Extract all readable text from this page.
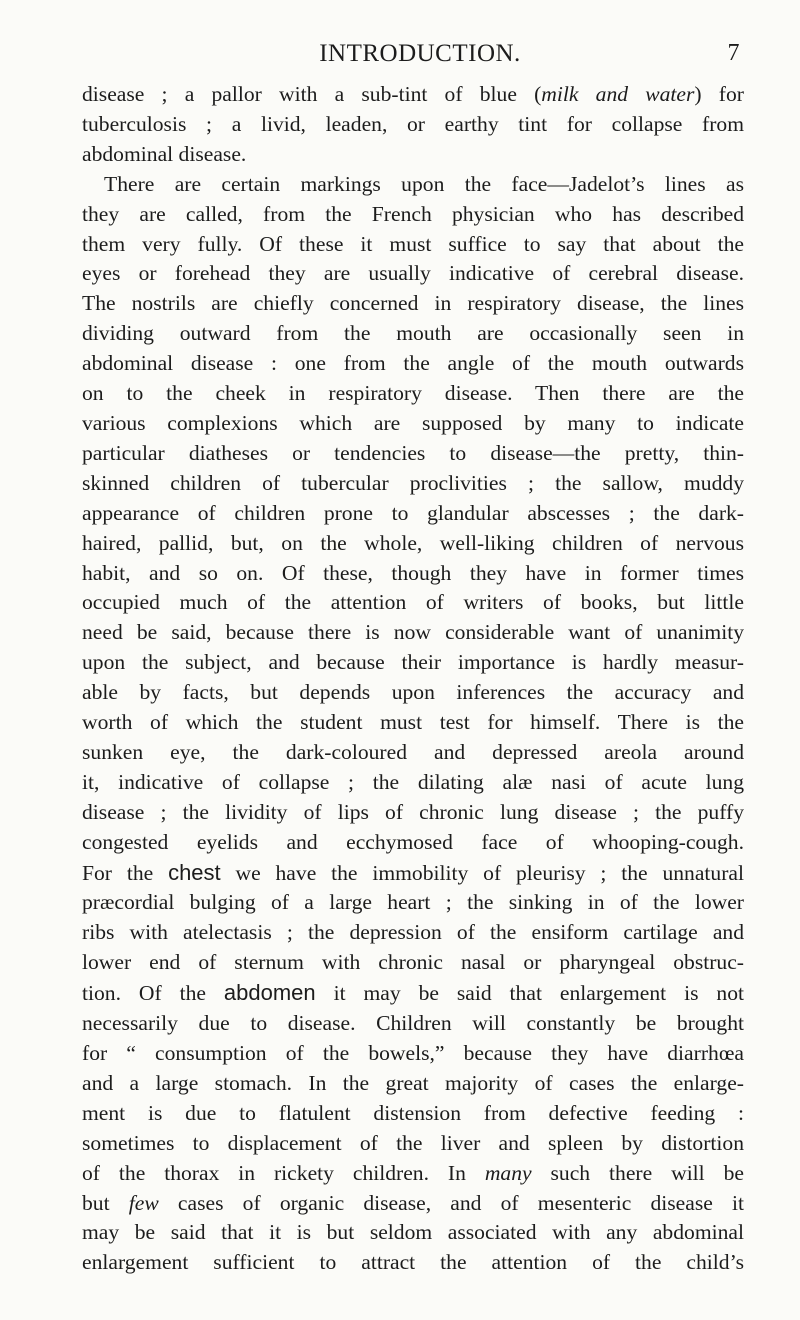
INTRODUCTION.	7
disease ; a pallor with a sub-tint of blue (milk and water) for
tuberculosis ; a livid, leaden, or earthy tint for collapse from
abdominal disease.
There are certain markings upon the face—Jadelot’s lines as
they are called, from the French physician who has described
them very fully. Of these it must suffice to say that about the
eyes or forehead they are usually indicative of cerebral disease.
The nostrils are chiefly concerned in respiratory disease, the lines
dividing outward from the mouth are occasionally seen in
abdominal disease : one from the angle of the mouth outwards
on to the cheek in respiratory disease. Then there are the
various complexions which are supposed by many to indicate
particular diatheses or tendencies to disease—the pretty, thin-
skinned children of tubercular proclivities ; the sallow, muddy
appearance of children prone to glandular abscesses ; the dark-
haired, pallid, but, on the whole, well-liking children of nervous
habit, and so on. Of these, though they have in former times
occupied much of the attention of writers of books, but little
need be said, because there is now considerable want of unanimity
upon the subject, and because their importance is hardly measur-
able by facts, but depends upon inferences the accuracy and
worth of which the student must test for himself. There is the
sunken eye, the dark-coloured and depressed areola around
it, indicative of collapse ; the dilating alæ nasi of acute lung
disease ; the lividity of lips of chronic lung disease ; the puffy
congested eyelids and ecchymosed face of whooping-cough.
For the chest we have the immobility of pleurisy ; the unnatural
præcordial bulging of a large heart ; the sinking in of the lower
ribs with atelectasis ; the depression of the ensiform cartilage and
lower end of sternum with chronic nasal or pharyngeal obstruc-
tion. Of the abdomen it may be said that enlargement is not
necessarily due to disease. Children will constantly be brought
for “ consumption of the bowels,” because they have diarrhœa
and a large stomach. In the great majority of cases the enlarge-
ment is due to flatulent distension from defective feeding :
sometimes to displacement of the liver and spleen by distortion
of the thorax in rickety children. In many such there will be
but few cases of organic disease, and of mesenteric disease it
may be said that it is but seldom associated with any abdominal
enlargement sufficient to attract the attention of the child’s
